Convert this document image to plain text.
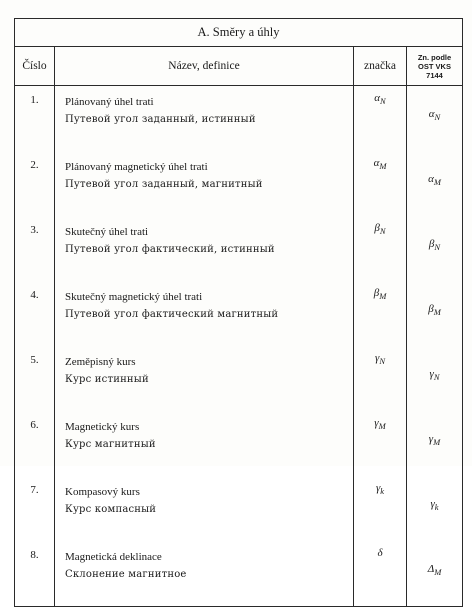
A. Směry a úhly			
Číslo	Název, definice	značka	Zn. podle
OST VKS
7144

1.	Plánovaný úhel trati
Путевой угол заданный, истинный	$\alpha_N$	$\alpha_N$
2.	Plánovaný magnetický úhel trati
Путевой угол заданный, магнитный	$\alpha_M$	$\alpha_M$
3.	Skutečný úhel trati
Путевой угол фактический, истинный	$\beta_N$	$\beta_N$
4.	Skutečný magnetický úhel trati
Путевой угол фактический магнитный	$\beta_M$	$\beta_M$
5.	Zeměpisný kurs
Курс истинный	$\gamma_N$	$\gamma_N$
6.	Magnetický kurs
Курс магнитный	$\gamma_M$	$\gamma_M$
7.	Kompasový kurs
Курс компасный	$\gamma_k$	$\gamma_k$
8.	Magnetická deklinace
Склонение магнитное	δ	$\Delta_M$
